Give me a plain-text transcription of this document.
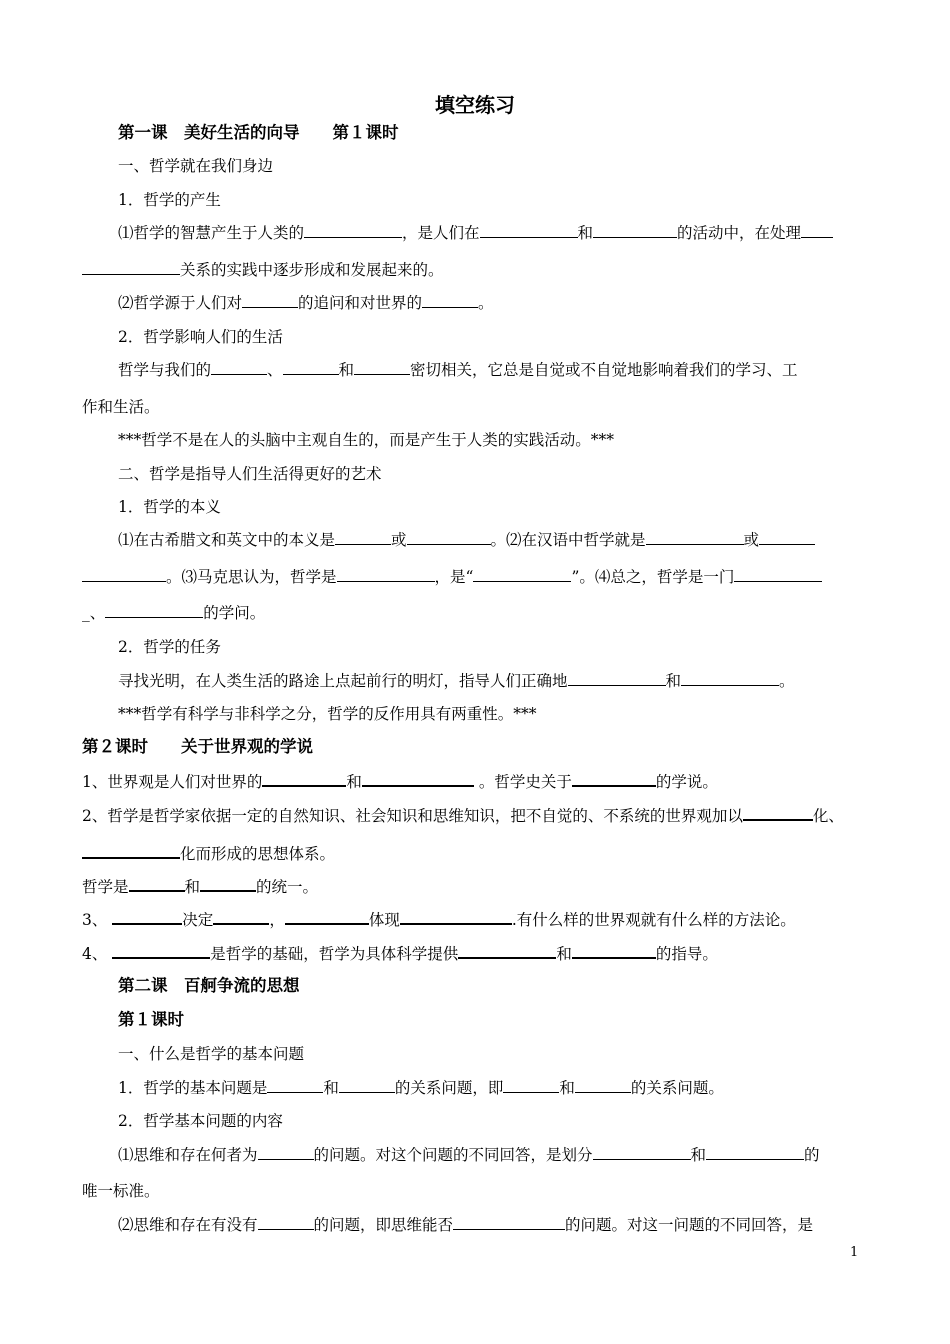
填空练习
第一课　美好生活的向导　　第１课时
一、哲学就在我们身边
1．哲学的产生
⑴哲学的智慧产生于人类的	，是人们在	和	的活动中，在处理
关系的实践中逐步形成和发展起来的。
⑵哲学源于人们对	的追问和对世界的	。
2．哲学影响人们的生活
哲学与我们的	、	和	密切相关，它总是自觉或不自觉地影响着我们的学习、工
作和生活。
***哲学不是在人的头脑中主观自生的，而是产生于人类的实践活动。***
二、哲学是指导人们生活得更好的艺术
1．哲学的本义
⑴在古希腊文和英文中的本义是	或	。⑵在汉语中哲学就是	或
。⑶马克思认为，哲学是	，是“	”。⑷总之，哲学是一门
_、	的学问。
2．哲学的任务
寻找光明，在人类生活的路途上点起前行的明灯，指导人们正确地	和	。
***哲学有科学与非科学之分，哲学的反作用具有两重性。***
第２课时　　关于世界观的学说
1、世界观是人们对世界的	和	。哲学史关于	的学说。
2、哲学是哲学家依据一定的自然知识、社会知识和思维知识，把不自觉的、不系统的世界观加以	化、
化而形成的思想体系。
哲学是	和	的统一。
3、	决定	，	体现	.有什么样的世界观就有什么样的方法论。
4、	是哲学的基础，哲学为具体科学提供	和	的指导。
第二课　百舸争流的思想
第１课时
一、什么是哲学的基本问题
1．哲学的基本问题是	和	的关系问题，即	和	的关系问题。
2．哲学基本问题的内容
⑴思维和存在何者为	的问题。对这个问题的不同回答，是划分	和	的
唯一标准。
⑵思维和存在有没有	的问题，即思维能否	的问题。对这一问题的不同回答，是
1
